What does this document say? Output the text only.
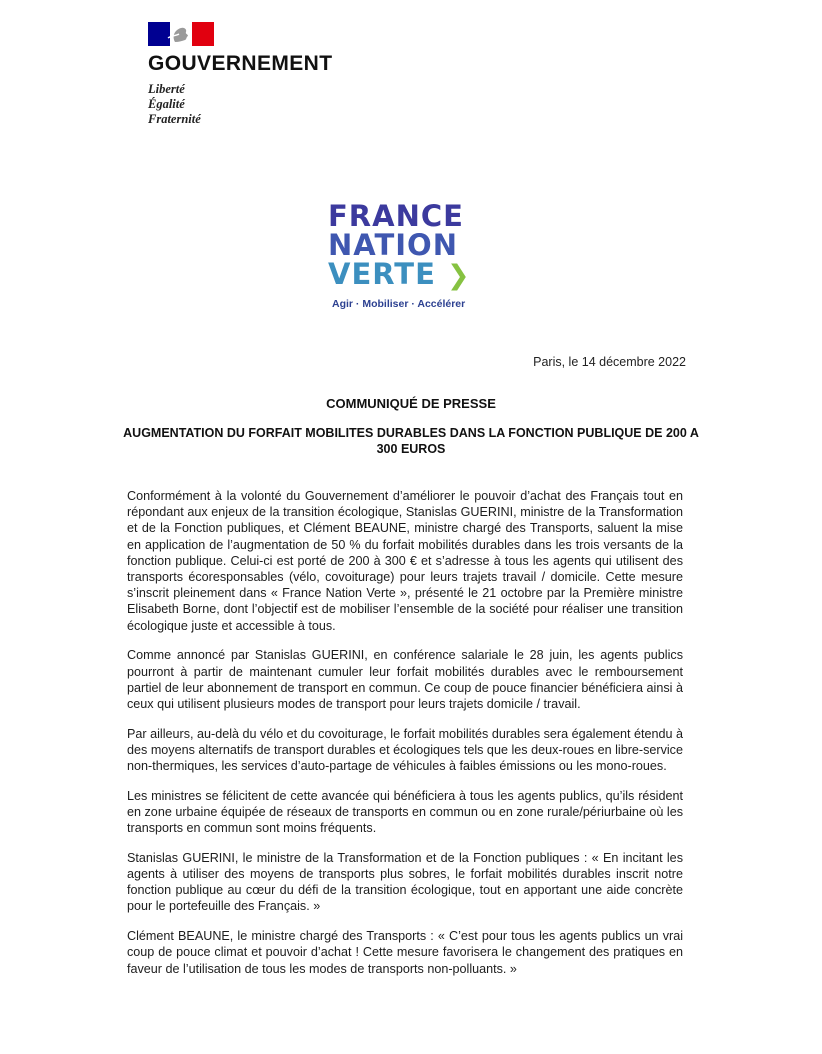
GOUVERNEMENT
Liberté
Égalité
Fraternité
FRANCE
NATION
VERTE ❯
Agir · Mobiliser · Accélérer
Paris, le 14 décembre 2022
COMMUNIQUÉ DE PRESSE
AUGMENTATION DU FORFAIT MOBILITES DURABLES DANS LA FONCTION PUBLIQUE DE 200 A 300 EUROS

Conformément à la volonté du Gouvernement d’améliorer le pouvoir d’achat des Français tout en répondant aux enjeux de la transition écologique, Stanislas GUERINI, ministre de la Transformation et de la Fonction publiques, et Clément BEAUNE, ministre chargé des Transports, saluent la mise en application de l’augmentation de 50 % du forfait mobilités durables dans les trois versants de la fonction publique. Celui-ci est porté de 200 à 300 € et s’adresse à tous les agents qui utilisent des transports écoresponsables (vélo, covoiturage) pour leurs trajets travail / domicile. Cette mesure s’inscrit pleinement dans « France Nation Verte », présenté le 21 octobre par la Première ministre Elisabeth Borne, dont l’objectif est de mobiliser l’ensemble de la société pour réaliser une transition écologique juste et accessible à tous.

Comme annoncé par Stanislas GUERINI, en conférence salariale le 28 juin, les agents publics pourront à partir de maintenant cumuler leur forfait mobilités durables avec le remboursement partiel de leur abonnement de transport en commun. Ce coup de pouce financier bénéficiera ainsi à ceux qui utilisent plusieurs modes de transport pour leurs trajets domicile / travail.

Par ailleurs, au-delà du vélo et du covoiturage, le forfait mobilités durables sera également étendu à des moyens alternatifs de transport durables et écologiques tels que les deux-roues en libre-service non-thermiques, les services d’auto-partage de véhicules à faibles émissions ou les mono-roues.

Les ministres se félicitent de cette avancée qui bénéficiera à tous les agents publics, qu’ils résident en zone urbaine équipée de réseaux de transports en commun ou en zone rurale/périurbaine où les transports en commun sont moins fréquents.

Stanislas GUERINI, le ministre de la Transformation et de la Fonction publiques : « En incitant les agents à utiliser des moyens de transports plus sobres, le forfait mobilités durables inscrit notre fonction publique au cœur du défi de la transition écologique, tout en apportant une aide concrète pour le portefeuille des Français. »

Clément BEAUNE, le ministre chargé des Transports : « C’est pour tous les agents publics un vrai coup de pouce climat et pouvoir d’achat ! Cette mesure favorisera le changement des pratiques en faveur de l’utilisation de tous les modes de transports non-polluants. »
